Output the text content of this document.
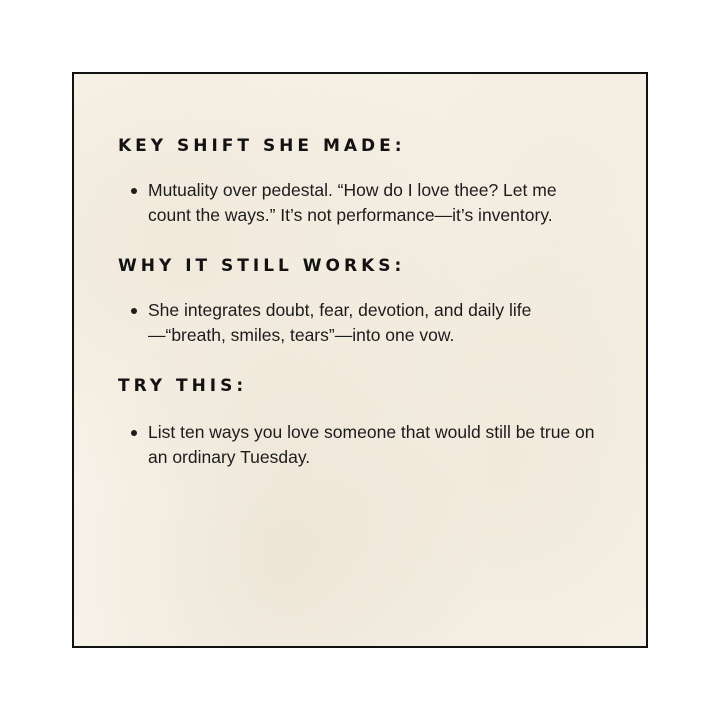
KEY SHIFT SHE MADE:
Mutuality over pedestal. “How do I love thee? Let me count the ways.” It’s not performance—it’s inventory.
WHY IT STILL WORKS:
She integrates doubt, fear, devotion, and daily life—“breath, smiles, tears”—into one vow.
TRY THIS:
List ten ways you love someone that would still be true on an ordinary Tuesday.
